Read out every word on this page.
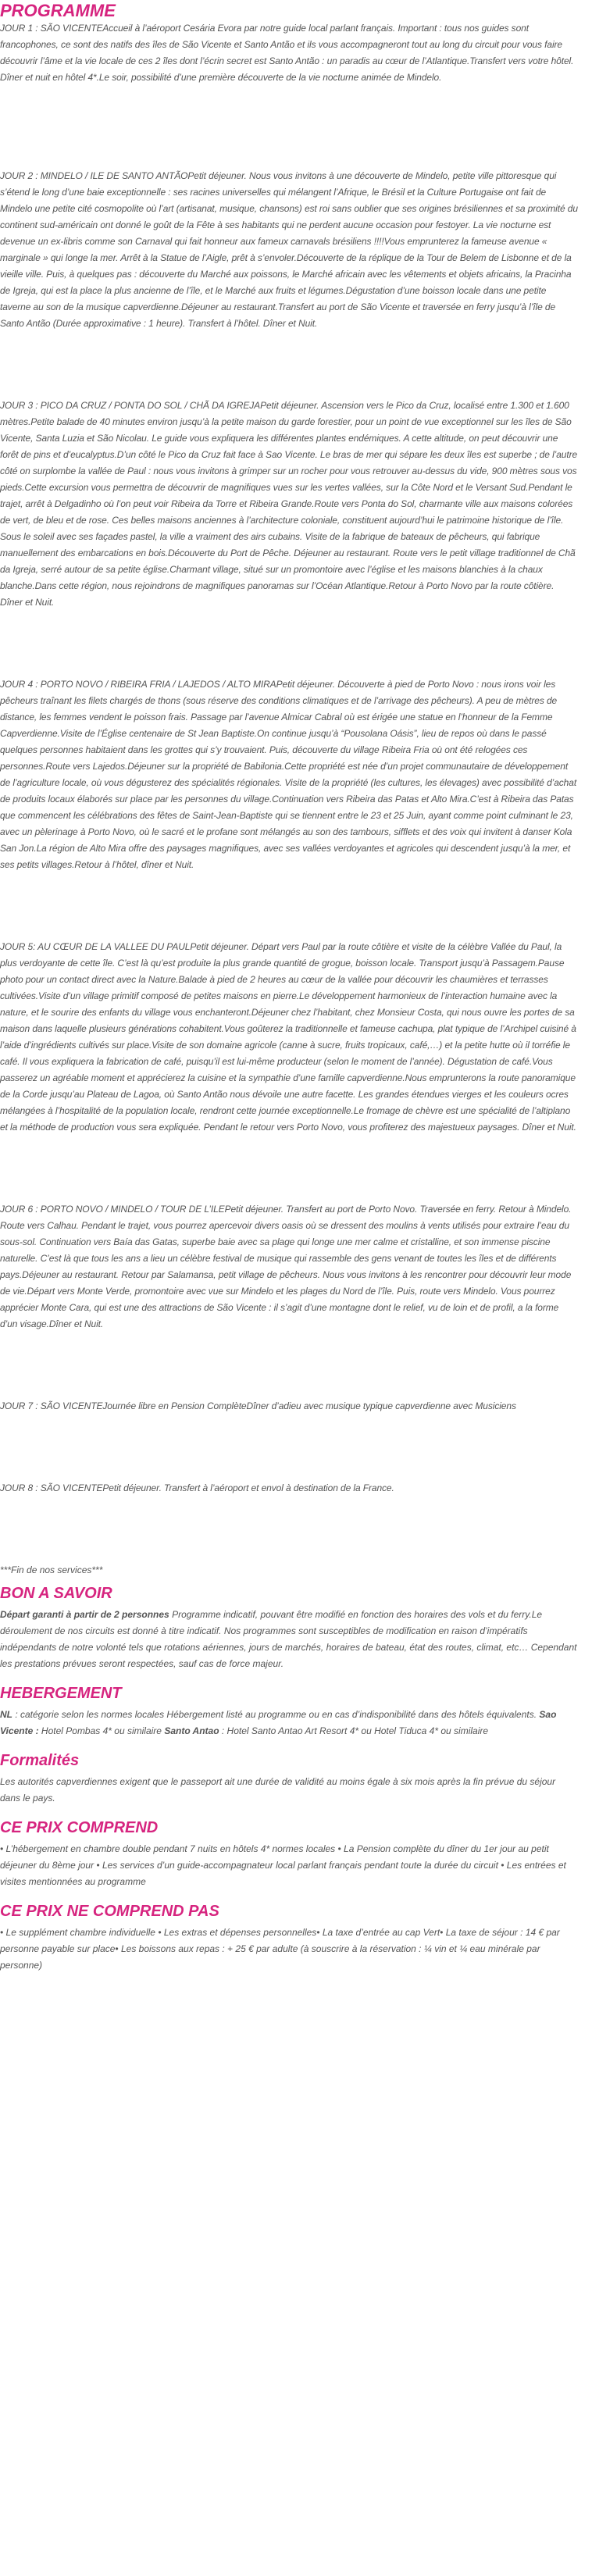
PROGRAMME

JOUR 1 : SÃO VICENTEAccueil à l’aéroport Cesária Evora par notre guide local parlant français. Important : tous nos guides sont francophones, ce sont des natifs des îles de São Vicente et Santo Antão et ils vous accompagneront tout au long du circuit pour vous faire découvrir l’âme et la vie locale de ces 2 îles dont l’écrin secret est Santo Antão : un paradis au cœur de l’Atlantique.Transfert vers votre hôtel. Dîner et nuit en hôtel 4*.Le soir, possibilité d’une première découverte de la vie nocturne animée de Mindelo.

JOUR 2 : MINDELO / ILE DE SANTO ANTÃOPetit déjeuner. Nous vous invitons à une découverte de Mindelo, petite ville pittoresque qui s’étend le long d’une baie exceptionnelle : ses racines universelles qui mélangent l’Afrique, le Brésil et la Culture Portugaise ont fait de Mindelo une petite cité cosmopolite où l’art (artisanat, musique, chansons) est roi sans oublier que ses origines brésiliennes et sa proximité du continent sud-américain ont donné le goût de la Fête à ses habitants qui ne perdent aucune occasion pour festoyer. La vie nocturne est devenue un ex-libris comme son Carnaval qui fait honneur aux fameux carnavals brésiliens !!!!Vous emprunterez la fameuse avenue « marginale » qui longe la mer. Arrêt à la Statue de l’Aigle, prêt à s’envoler.Découverte de la réplique de la Tour de Belem de Lisbonne et de la vieille ville. Puis, à quelques pas : découverte du Marché aux poissons, le Marché africain avec les vêtements et objets africains, la Pracinha de Igreja, qui est la place la plus ancienne de l’île, et le Marché aux fruits et légumes.Dégustation d’une boisson locale dans une petite taverne au son de la musique capverdienne.Déjeuner au restaurant.Transfert au port de São Vicente et traversée en ferry jusqu’à l’île de Santo Antão (Durée approximative : 1 heure). Transfert à l’hôtel. Dîner et Nuit.

JOUR 3 : PICO DA CRUZ / PONTA DO SOL / CHÃ DA IGREJAPetit déjeuner. Ascension vers le Pico da Cruz, localisé entre 1.300 et 1.600 mètres.Petite balade de 40 minutes environ jusqu’à la petite maison du garde forestier, pour un point de vue exceptionnel sur les îles de São Vicente, Santa Luzia et São Nicolau. Le guide vous expliquera les différentes plantes endémiques. A cette altitude, on peut découvrir une forêt de pins et d’eucalyptus.D’un côté le Pico da Cruz fait face à Sao Vicente. Le bras de mer qui sépare les deux îles est superbe ; de l’autre côté on surplombe la vallée de Paul : nous vous invitons à grimper sur un rocher pour vous retrouver au-dessus du vide, 900 mètres sous vos pieds.Cette excursion vous permettra de découvrir de magnifiques vues sur les vertes vallées, sur la Côte Nord et le Versant Sud.Pendant le trajet, arrêt à Delgadinho où l’on peut voir Ribeira da Torre et Ribeira Grande.Route vers Ponta do Sol, charmante ville aux maisons colorées de vert, de bleu et de rose. Ces belles maisons anciennes à l’architecture coloniale, constituent aujourd’hui le patrimoine historique de l’île. Sous le soleil avec ses façades pastel, la ville a vraiment des airs cubains. Visite de la fabrique de bateaux de pêcheurs, qui fabrique manuellement des embarcations en bois.Découverte du Port de Pêche. Déjeuner au restaurant. Route vers le petit village traditionnel de Chã da Igreja, serré autour de sa petite église.Charmant village, situé sur un promontoire avec l’église et les maisons blanchies à la chaux blanche.Dans cette région, nous rejoindrons de magnifiques panoramas sur l’Océan Atlantique.Retour à Porto Novo par la route côtière. Dîner et Nuit.

JOUR 4 : PORTO NOVO / RIBEIRA FRIA / LAJEDOS / ALTO MIRAPetit déjeuner. Découverte à pied de Porto Novo : nous irons voir les pêcheurs traînant les filets chargés de thons (sous réserve des conditions climatiques et de l’arrivage des pêcheurs). A peu de mètres de distance, les femmes vendent le poisson frais. Passage par l’avenue Almicar Cabral où est érigée une statue en l’honneur de la Femme Capverdienne.Visite de l’Église centenaire de St Jean Baptiste.On continue jusqu’à “Pousolana Oásis”, lieu de repos où dans le passé quelques personnes habitaient dans les grottes qui s’y trouvaient. Puis, découverte du village Ribeira Fria où ont été relogées ces personnes.Route vers Lajedos.Déjeuner sur la propriété de Babilonia.Cette propriété est née d’un projet communautaire de développement de l’agriculture locale, où vous dégusterez des spécialités régionales. Visite de la propriété (les cultures, les élevages) avec possibilité d’achat de produits locaux élaborés sur place par les personnes du village.Continuation vers Ribeira das Patas et Alto Mira.C’est à Ribeira das Patas que commencent les célébrations des fêtes de Saint-Jean-Baptiste qui se tiennent entre le 23 et 25 Juin, ayant comme point culminant le 23, avec un pèlerinage à Porto Novo, où le sacré et le profane sont mélangés au son des tambours, sifflets et des voix qui invitent à danser Kola San Jon.La région de Alto Mira offre des paysages magnifiques, avec ses vallées verdoyantes et agricoles qui descendent jusqu’à la mer, et ses petits villages.Retour à l’hôtel, dîner et Nuit.

JOUR 5: AU CŒUR DE LA VALLEE DU PAULPetit déjeuner. Départ vers Paul par la route côtière et visite de la célèbre Vallée du Paul, la plus verdoyante de cette île. C’est là qu’est produite la plus grande quantité de grogue, boisson locale. Transport jusqu’à Passagem.Pause photo pour un contact direct avec la Nature.Balade à pied de 2 heures au cœur de la vallée pour découvrir les chaumières et terrasses cultivées.Visite d’un village primitif composé de petites maisons en pierre.Le développement harmonieux de l’interaction humaine avec la nature, et le sourire des enfants du village vous enchanteront.Déjeuner chez l’habitant, chez Monsieur Costa, qui nous ouvre les portes de sa maison dans laquelle plusieurs générations cohabitent.Vous goûterez la traditionnelle et fameuse cachupa, plat typique de l’Archipel cuisiné à l’aide d’ingrédients cultivés sur place.Visite de son domaine agricole (canne à sucre, fruits tropicaux, café,…) et la petite hutte où il torréfie le café. Il vous expliquera la fabrication de café, puisqu’il est lui-même producteur (selon le moment de l’année). Dégustation de café.Vous passerez un agréable moment et apprécierez la cuisine et la sympathie d’une famille capverdienne.Nous emprunterons la route panoramique de la Corde jusqu’au Plateau de Lagoa, où Santo Antão nous dévoile une autre facette. Les grandes étendues vierges et les couleurs ocres mélangées à l’hospitalité de la population locale, rendront cette journée exceptionnelle.Le fromage de chèvre est une spécialité de l’altiplano et la méthode de production vous sera expliquée. Pendant le retour vers Porto Novo, vous profiterez des majestueux paysages. Dîner et Nuit.

JOUR 6 : PORTO NOVO / MINDELO / TOUR DE L’ILEPetit déjeuner. Transfert au port de Porto Novo. Traversée en ferry. Retour à Mindelo. Route vers Calhau. Pendant le trajet, vous pourrez apercevoir divers oasis où se dressent des moulins à vents utilisés pour extraire l’eau du sous-sol. Continuation vers Baía das Gatas, superbe baie avec sa plage qui longe une mer calme et cristalline, et son immense piscine naturelle. C’est là que tous les ans a lieu un célèbre festival de musique qui rassemble des gens venant de toutes les îles et de différents pays.Déjeuner au restaurant. Retour par Salamansa, petit village de pêcheurs. Nous vous invitons à les rencontrer pour découvrir leur mode de vie.Départ vers Monte Verde, promontoire avec vue sur Mindelo et les plages du Nord de l’île. Puis, route vers Mindelo. Vous pourrez apprécier Monte Cara, qui est une des attractions de São Vicente : il s’agit d’une montagne dont le relief, vu de loin et de profil, a la forme d’un visage.Dîner et Nuit.

JOUR 7 : SÃO VICENTEJournée libre en Pension ComplèteDîner d’adieu avec musique typique capverdienne avec Musiciens

JOUR 8 : SÃO VICENTEPetit déjeuner. Transfert à l’aéroport et envol à destination de la France.

***Fin de nos services***

BON A SAVOIR

Départ garanti à partir de 2 personnes Programme indicatif, pouvant être modifié en fonction des horaires des vols et du ferry.Le déroulement de nos circuits est donné à titre indicatif. Nos programmes sont susceptibles de modification en raison d’impératifs indépendants de notre volonté tels que rotations aériennes, jours de marchés, horaires de bateau, état des routes, climat, etc… Cependant les prestations prévues seront respectées, sauf cas de force majeur.

HEBERGEMENT

NL : catégorie selon les normes locales Hébergement listé au programme ou en cas d’indisponibilité dans des hôtels équivalents. Sao Vicente : Hotel Pombas 4* ou similaire Santo Antao : Hotel Santo Antao Art Resort 4* ou Hotel Tiduca 4* ou similaire

Formalités

Les autorités capverdiennes exigent que le passeport ait une durée de validité au moins égale à six mois après la fin prévue du séjour dans le pays.

CE PRIX COMPREND

• L’hébergement en chambre double pendant 7 nuits en hôtels 4* normes locales • La Pension complète du dîner du 1er jour au petit déjeuner du 8ème jour • Les services d’un guide-accompagnateur local parlant français pendant toute la durée du circuit • Les entrées et visites mentionnées au programme

CE PRIX NE COMPREND PAS

• Le supplément chambre individuelle • Les extras et dépenses personnelles• La taxe d’entrée au cap Vert• La taxe de séjour : 14 € par personne payable sur place• Les boissons aux repas : + 25 € par adulte (à souscrire à la réservation : ¼ vin et ¼ eau minérale par personne)
